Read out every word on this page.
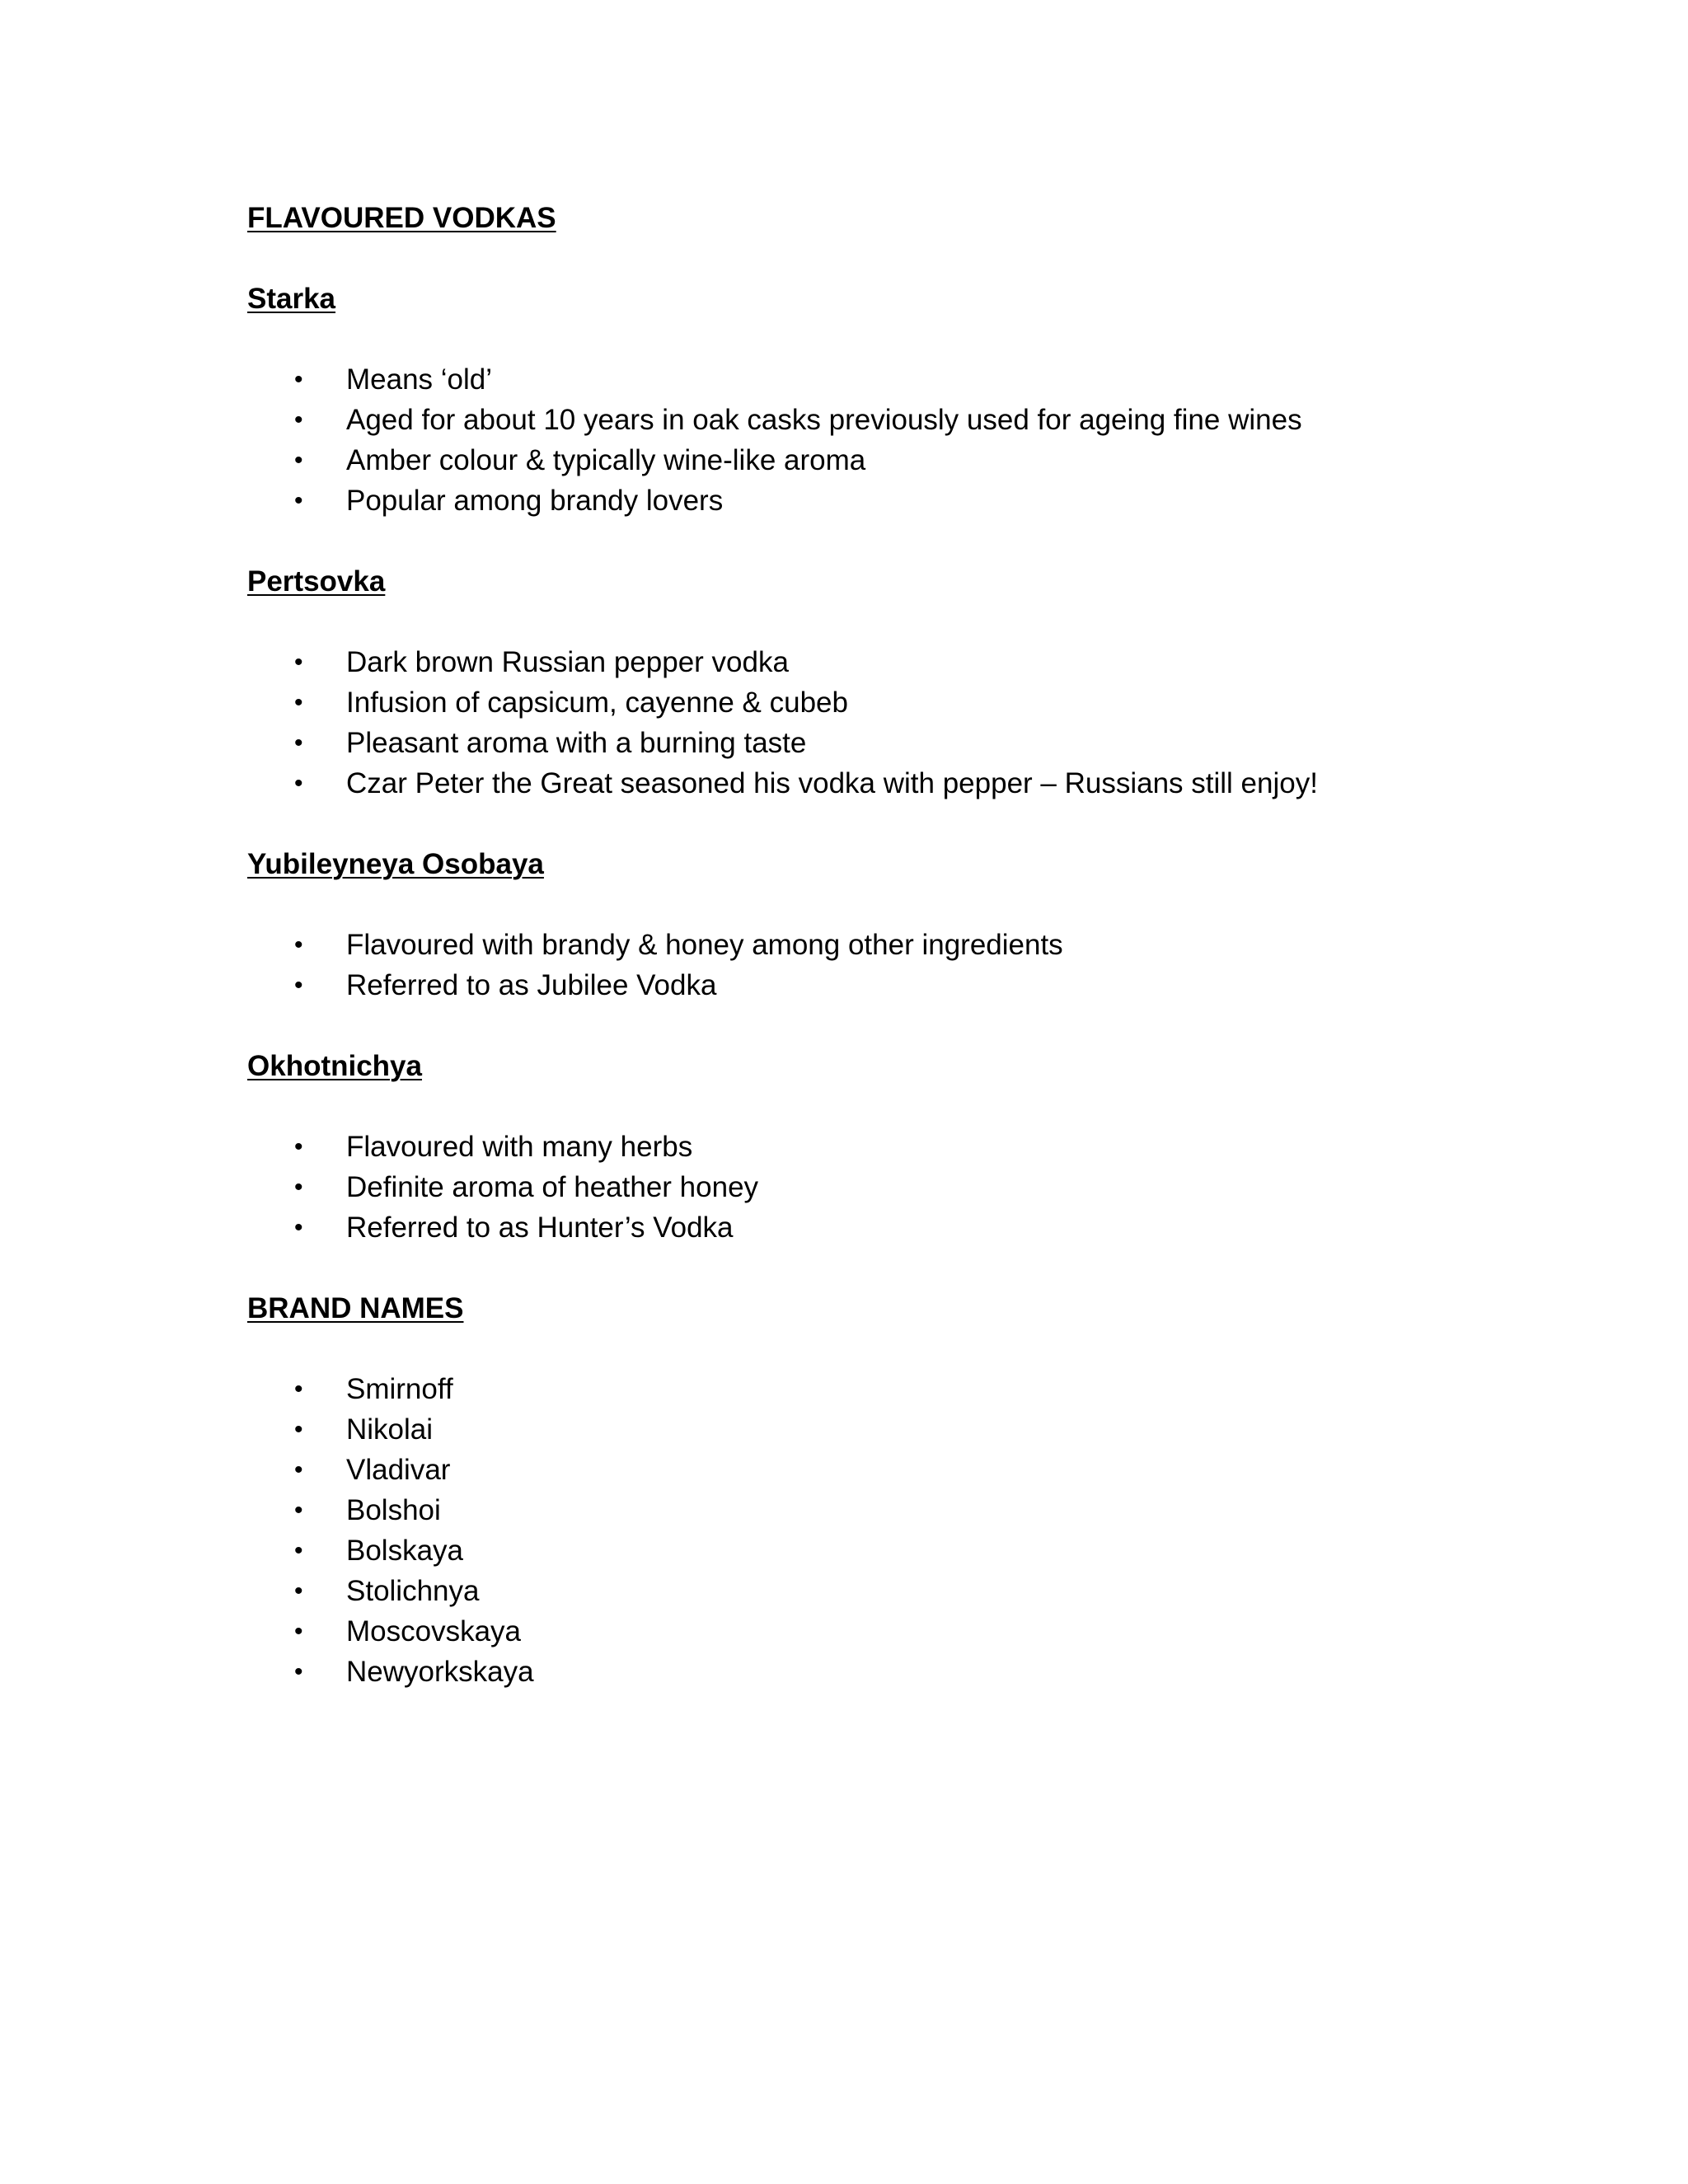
FLAVOURED VODKAS
Starka
• Means ‘old’
• Aged for about 10 years in oak casks previously used for ageing fine wines
• Amber colour & typically wine-like aroma
• Popular among brandy lovers
Pertsovka
• Dark brown Russian pepper vodka
• Infusion of capsicum, cayenne & cubeb
• Pleasant aroma with a burning taste
• Czar Peter the Great seasoned his vodka with pepper – Russians still enjoy!
Yubileyneya Osobaya
• Flavoured with brandy & honey among other ingredients
• Referred to as Jubilee Vodka
Okhotnichya
• Flavoured with many herbs
• Definite aroma of heather honey
• Referred to as Hunter’s Vodka
BRAND NAMES
• Smirnoff
• Nikolai
• Vladivar
• Bolshoi
• Bolskaya
• Stolichnya
• Moscovskaya
• Newyorkskaya
